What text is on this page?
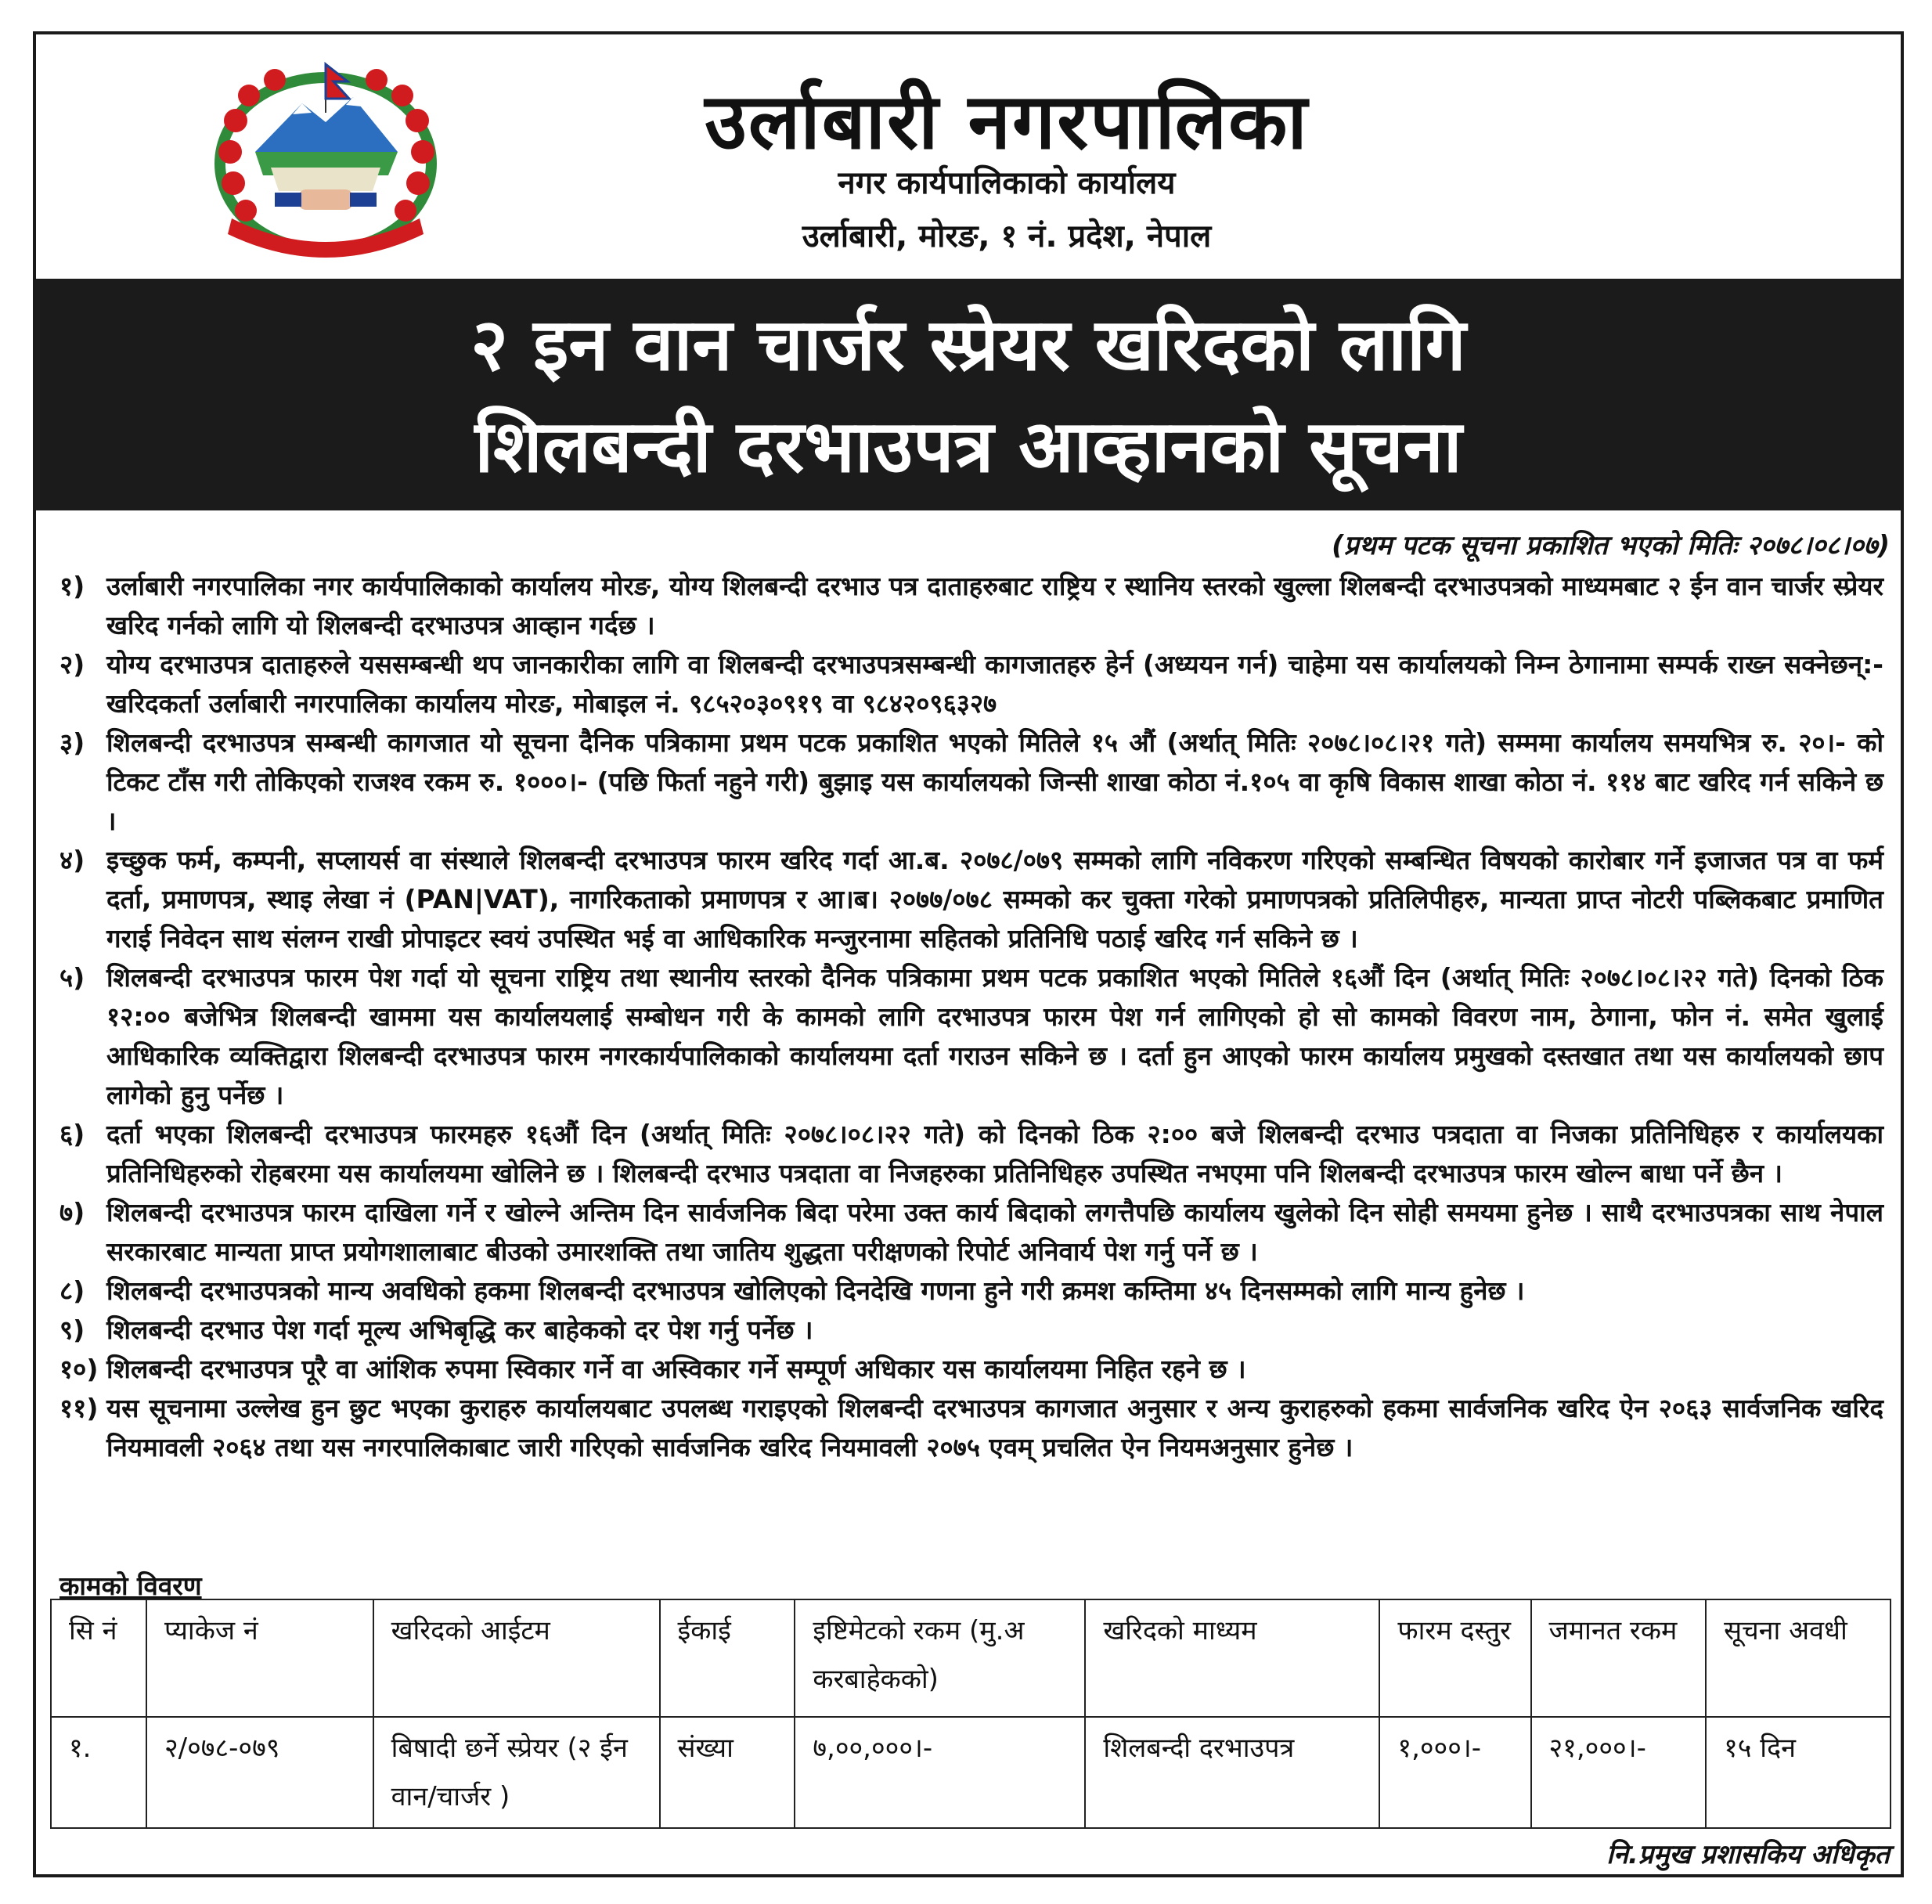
उर्लाबारी नगरपालिका
नगर कार्यपालिकाको कार्यालय
उर्लाबारी, मोरङ, १ नं. प्रदेश, नेपाल
२ इन वान चार्जर स्प्रेयर खरिदको लागि
शिलबन्दी दरभाउपत्र आव्हानको सूचना
(प्रथम पटक सूचना प्रकाशित भएको मितिः २०७८।०८।०७)

१) उर्लाबारी नगरपालिका नगर कार्यपालिकाको कार्यालय मोरङ, योग्य शिलबन्दी दरभाउ पत्र दाताहरुबाट राष्ट्रिय र स्थानिय स्तरको खुल्ला शिलबन्दी दरभाउपत्रको माध्यमबाट २ ईन वान चार्जर स्प्रेयर खरिद गर्नको लागि यो शिलबन्दी दरभाउपत्र आव्हान गर्दछ ।

२) योग्य दरभाउपत्र दाताहरुले यससम्बन्धी थप जानकारीका लागि वा शिलबन्दी दरभाउपत्रसम्बन्धी कागजातहरु हेर्न (अध्ययन गर्न) चाहेमा यस कार्यालयको निम्न ठेगानामा सम्पर्क राख्न सक्नेछन्:- खरिदकर्ता उर्लाबारी नगरपालिका कार्यालय मोरङ, मोबाइल नं. ९८५२०३०९१९ वा ९८४२०९६३२७

३) शिलबन्दी दरभाउपत्र सम्बन्धी कागजात यो सूचना दैनिक पत्रिकामा प्रथम पटक प्रकाशित भएको मितिले १५ औं (अर्थात् मितिः २०७८।०८।२१ गते) सम्ममा कार्यालय समयभित्र रु. २०।- को टिकट टाँस गरी तोकिएको राजश्व रकम रु. १०००।- (पछि फिर्ता नहुने गरी) बुझाइ यस कार्यालयको जिन्सी शाखा कोठा नं.१०५ वा कृषि विकास शाखा कोठा नं. ११४ बाट खरिद गर्न सकिने छ ।

४) इच्छुक फर्म, कम्पनी, सप्लायर्स वा संस्थाले शिलबन्दी दरभाउपत्र फारम खरिद गर्दा आ.ब. २०७८/०७९ सम्मको लागि नविकरण गरिएको सम्बन्धित विषयको कारोबार गर्ने इजाजत पत्र वा फर्म दर्ता, प्रमाणपत्र, स्थाइ लेखा नं (PAN|VAT), नागरिकताको प्रमाणपत्र र आ।ब। २०७७/०७८ सम्मको कर चुक्ता गरेको प्रमाणपत्रको प्रतिलिपीहरु, मान्यता प्राप्त नोटरी पब्लिकबाट प्रमाणित गराई निवेदन साथ संलग्न राखी प्रोपाइटर स्वयं उपस्थित भई वा आधिकारिक मन्जुरनामा सहितको प्रतिनिधि पठाई खरिद गर्न सकिने छ ।

५) शिलबन्दी दरभाउपत्र फारम पेश गर्दा यो सूचना राष्ट्रिय तथा स्थानीय स्तरको दैनिक पत्रिकामा प्रथम पटक प्रकाशित भएको मितिले १६औं दिन (अर्थात् मितिः २०७८।०८।२२ गते) दिनको ठिक १२:०० बजेभित्र शिलबन्दी खाममा यस कार्यालयलाई सम्बोधन गरी के कामको लागि दरभाउपत्र फारम पेश गर्न लागिएको हो सो कामको विवरण नाम, ठेगाना, फोन नं. समेत खुलाई आधिकारिक व्यक्तिद्वारा शिलबन्दी दरभाउपत्र फारम नगरकार्यपालिकाको कार्यालयमा दर्ता गराउन सकिने छ । दर्ता हुन आएको फारम कार्यालय प्रमुखको दस्तखात तथा यस कार्यालयको छाप लागेको हुनु पर्नेछ ।

६) दर्ता भएका शिलबन्दी दरभाउपत्र फारमहरु १६औं दिन (अर्थात् मितिः २०७८।०८।२२ गते) को दिनको ठिक २:०० बजे शिलबन्दी दरभाउ पत्रदाता वा निजका प्रतिनिधिहरु र कार्यालयका प्रतिनिधिहरुको रोहबरमा यस कार्यालयमा खोलिने छ । शिलबन्दी दरभाउ पत्रदाता वा निजहरुका प्रतिनिधिहरु उपस्थित नभएमा पनि शिलबन्दी दरभाउपत्र फारम खोल्न बाधा पर्ने छैन ।

७) शिलबन्दी दरभाउपत्र फारम दाखिला गर्ने र खोल्ने अन्तिम दिन सार्वजनिक बिदा परेमा उक्त कार्य बिदाको लगत्तैपछि कार्यालय खुलेको दिन सोही समयमा हुनेछ । साथै दरभाउपत्रका साथ नेपाल सरकारबाट मान्यता प्राप्त प्रयोगशालाबाट बीउको उमारशक्ति तथा जातिय शुद्धता परीक्षणको रिपोर्ट अनिवार्य पेश गर्नु पर्ने छ ।

८) शिलबन्दी दरभाउपत्रको मान्य अवधिको हकमा शिलबन्दी दरभाउपत्र खोलिएको दिनदेखि गणना हुने गरी क्रमश कम्तिमा ४५ दिनसम्मको लागि मान्य हुनेछ ।

९) शिलबन्दी दरभाउ पेश गर्दा मूल्य अभिबृद्धि कर बाहेकको दर पेश गर्नु पर्नेछ ।

१०) शिलबन्दी दरभाउपत्र पूरै वा आंशिक रुपमा स्विकार गर्ने वा अस्विकार गर्ने सम्पूर्ण अधिकार यस कार्यालयमा निहित रहने छ ।

११) यस सूचनामा उल्लेख हुन छुट भएका कुराहरु कार्यालयबाट उपलब्ध गराइएको शिलबन्दी दरभाउपत्र कागजात अनुसार र अन्य कुराहरुको हकमा सार्वजनिक खरिद ऐन २०६३ सार्वजनिक खरिद नियमावली २०६४ तथा यस नगरपालिकाबाट जारी गरिएको सार्वजनिक खरिद नियमावली २०७५ एवम् प्रचलित ऐन नियमअनुसार हुनेछ ।

कामको विवरण
सि नं	प्याकेज नं	खरिदको आईटम	ईकाई	इष्टिमेटको रकम (मु.अ करबाहेकको)	खरिदको माध्यम	फारम दस्तुर	जमानत रकम	सूचना अवधी
१.	२/०७८-०७९	बिषादी छर्ने स्प्रेयर (२ ईन वान/चार्जर )	संख्या	७,००,०००।-	शिलबन्दी दरभाउपत्र	१,०००।-	२१,०००।-	१५ दिन
नि.प्रमुख प्रशासकिय अधिकृत
